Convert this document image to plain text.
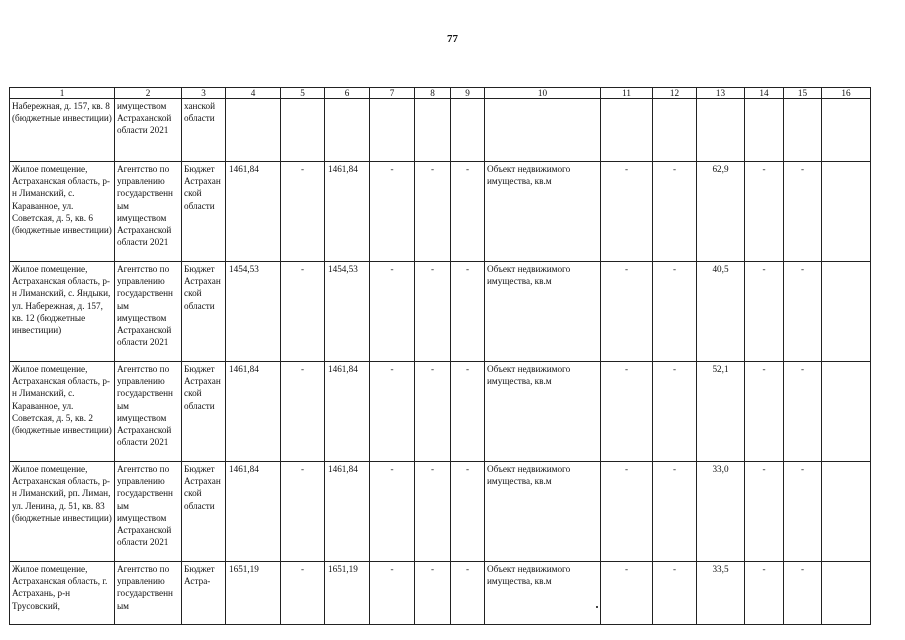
77
1	2	3	4	5	6	7	8	9	10	11	12	13	14	15	16
Набережная, д. 157, кв. 8 (бюджетные инвестиции)	имуществом Астраханской области 2021	ханской области													
Жилое помещение, Астраханская область, р-н Лиманский, с. Караванное, ул. Советская, д. 5, кв. 6 (бюджетные инвестиции)	Агентство по управлению государственным имуществом Астраханской области 2021	Бюджет Астраханской области	1461,84	-	1461,84	-	-	-	Объект недвижимого имущества, кв.м	-	-	62,9	-	-	
Жилое помещение, Астраханская область, р-н Лиманский, с. Яндыки, ул. Набережная, д. 157, кв. 12 (бюджетные инвестиции)	Агентство по управлению государственным имуществом Астраханской области 2021	Бюджет Астраханской области	1454,53	-	1454,53	-	-	-	Объект недвижимого имущества, кв.м	-	-	40,5	-	-	
Жилое помещение, Астраханская область, р-н Лиманский, с. Караванное, ул. Советская, д. 5, кв. 2 (бюджетные инвестиции)	Агентство по управлению государственным имуществом Астраханской области 2021	Бюджет Астраханской области	1461,84	-	1461,84	-	-	-	Объект недвижимого имущества, кв.м	-	-	52,1	-	-	
Жилое помещение, Астраханская область, р-н Лиманский, рп. Лиман, ул. Ленина, д. 51, кв. 83 (бюджетные инвестиции)	Агентство по управлению государственным имуществом Астраханской области 2021	Бюджет Астраханской области	1461,84	-	1461,84	-	-	-	Объект недвижимого имущества, кв.м	-	-	33,0	-	-	
Жилое помещение, Астраханская область, г. Астрахань, р-н Трусовский,	Агентство по управлению государственным	Бюджет Астра-	1651,19	-	1651,19	-	-	-	Объект недвижимого имущества, кв.м	-	-	33,5	-	-	
